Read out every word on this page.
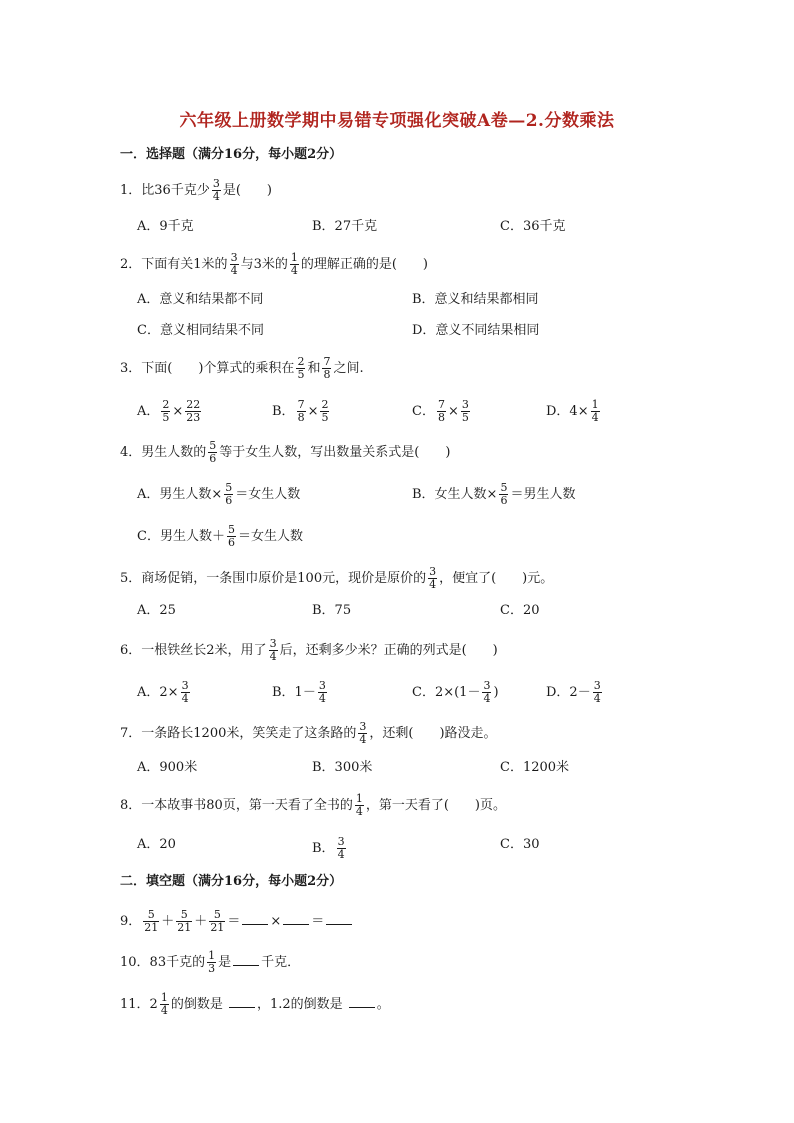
六年级上册数学期中易错专项强化突破A卷—2.分数乘法
一．选择题（满分16分，每小题2分）
1．比36千克少 $\frac{3}{4}$ 是(　　)
A．9千克	B．27千克	C．36千克
2．下面有关1米的 $\frac{3}{4}$ 与3米的 $\frac{1}{4}$ 的理解正确的是(　　)
A．意义和结果都不同	B．意义和结果都相同
C．意义相同结果不同	D．意义不同结果相同
3．下面(　　)个算式的乘积在 $\frac{2}{5}$ 和 $\frac{7}{8}$ 之间.
A． $\frac{2}{5} \times \frac{22}{23}$	B． $\frac{7}{8} \times \frac{2}{5}$	C． $\frac{7}{8} \times \frac{3}{5}$	D．$4\times \frac{1}{4}$
4．男生人数的 $\frac{5}{6}$ 等于女生人数，写出数量关系式是(　　)
A．男生人数× $\frac{5}{6}$ ＝女生人数	B．女生人数× $\frac{5}{6}$ ＝男生人数
C．男生人数＋ $\frac{5}{6}$ ＝女生人数
5．商场促销，一条围巾原价是100元，现价是原价的 $\frac{3}{4}$ ，便宜了(　　)元。
A．25	B．75	C．20
6．一根铁丝长2米，用了 $\frac{3}{4}$ 后，还剩多少米？正确的列式是(　　)
A．$2\times \frac{3}{4}$	B．$1- \frac{3}{4}$	C．$2\times(1- \frac{3}{4}$ )	D．$2- \frac{3}{4}$
7．一条路长1200米，笑笑走了这条路的 $\frac{3}{4}$ ，还剩(　　)路没走。
A．900米	B．300米	C．1200米
8．一本故事书80页，第一天看了全书的 $\frac{1}{4}$ ，第一天看了(　　)页。
A．20	B． $\frac{3}{4}$	C．30
二．填空题（满分16分，每小题2分）
9． $\frac{5}{21} + \frac{5}{21} + \frac{5}{21}$ ＝ × ＝
10．83千克的 $\frac{1}{3}$ 是 千克．
11．$2 \frac{1}{4}$ 的倒数是 ，1.2的倒数是 。
